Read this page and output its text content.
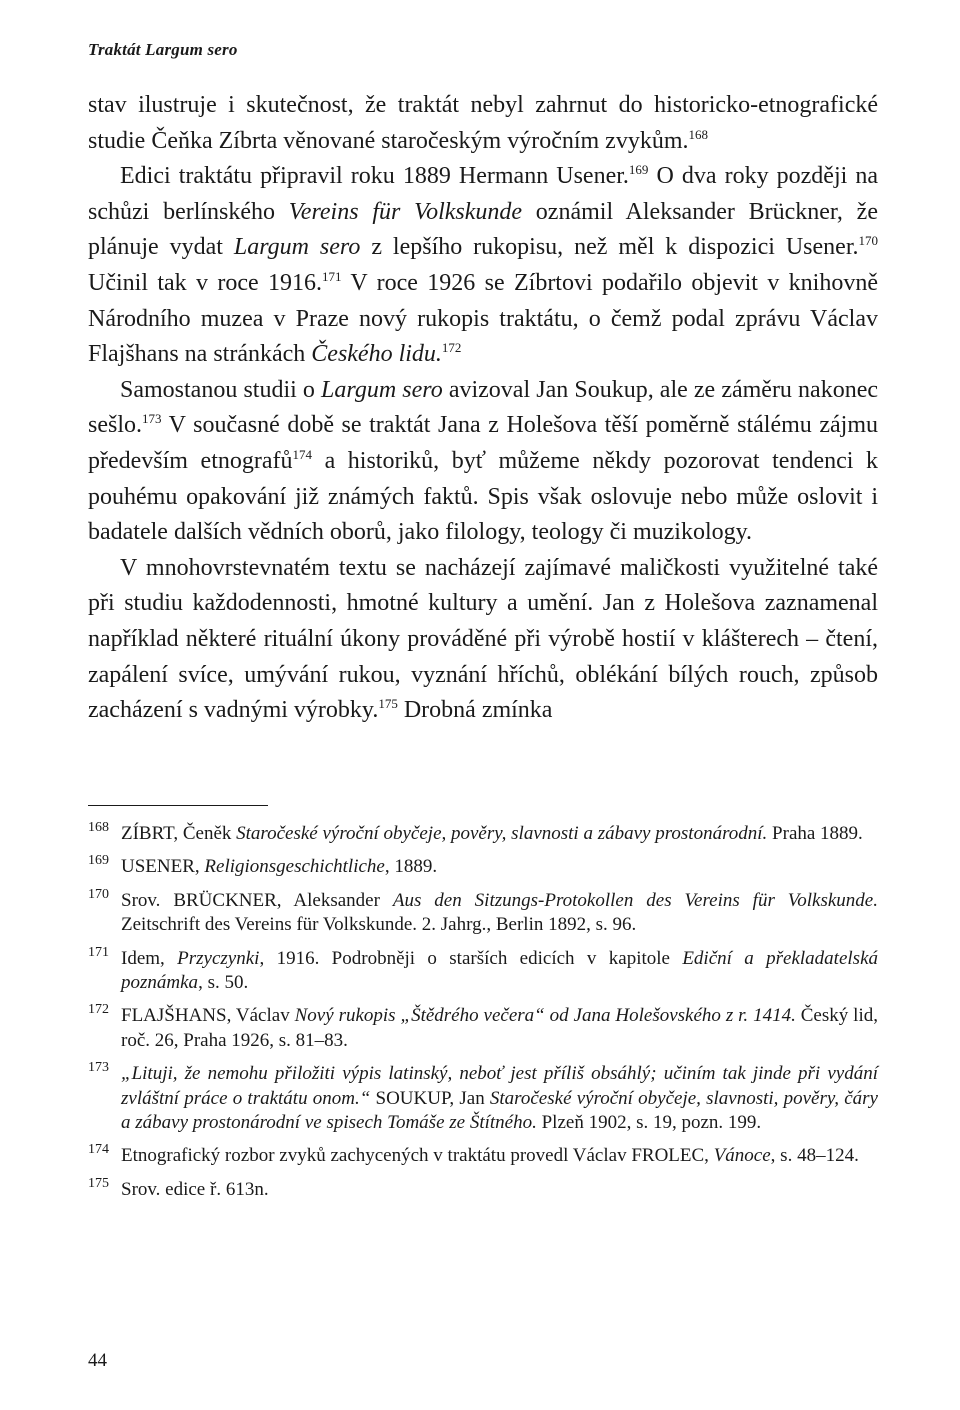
Traktát Largum sero

stav ilustruje i skutečnost, že traktát nebyl zahrnut do historicko-etnografické studie Čeňka Zíbrta věnované staročeským výročním zvykům.$^{168}$

Edici traktátu připravil roku 1889 Hermann Usener.$^{169}$ O dva roky později na schůzi berlínského Vereins für Volkskunde oznámil Aleksander Brückner, že plánuje vydat Largum sero z lepšího rukopisu, než měl k dispozici Usener.$^{170}$ Učinil tak v roce 1916.$^{171}$ V roce 1926 se Zíbrtovi podařilo objevit v knihovně Národního muzea v Praze nový rukopis traktátu, o čemž podal zprávu Václav Flajšhans na stránkách Českého lidu.$^{172}$

Samostanou studii o Largum sero avizoval Jan Soukup, ale ze záměru nakonec sešlo.$^{173}$ V současné době se traktát Jana z Holešova těší poměrně stálému zájmu především etnografů$^{174}$ a historiků, byť můžeme někdy pozorovat tendenci k pouhému opakování již známých faktů. Spis však oslovuje nebo může oslovit i badatele dalších vědních oborů, jako filology, teology či muzikology.

V mnohovrstevnatém textu se nacházejí zajímavé maličkosti využitelné také při studiu každodennosti, hmotné kultury a umění. Jan z Holešova zaznamenal například některé rituální úkony prováděné při výrobě hostií v klášterech – čtení, zapálení svíce, umývání rukou, vyznání hříchů, oblékání bílých rouch, způsob zacházení s vadnými výrobky.$^{175}$ Drobná zmínka

168 ZÍBRT, Čeněk Staročeské výroční obyčeje, pověry, slavnosti a zábavy prostonárodní. Praha 1889.
169 USENER, Religionsgeschichtliche, 1889.
170 Srov. BRÜCKNER, Aleksander Aus den Sitzungs-Protokollen des Vereins für Volkskunde. Zeitschrift des Vereins für Volkskunde. 2. Jahrg., Berlin 1892, s. 96.
171 Idem, Przyczynki, 1916. Podrobněji o starších edicích v kapitole Ediční a překladatelská poznámka, s. 50.
172 FLAJŠHANS, Václav Nový rukopis „Štědrého večera“ od Jana Holešovského z r. 1414. Český lid, roč. 26, Praha 1926, s. 81–83.
173 „Lituji, že nemohu přiložiti výpis latinský, neboť jest příliš obsáhlý; učiním tak jinde při vydání zvláštní práce o traktátu onom.“ SOUKUP, Jan Staročeské výroční obyčeje, slavnosti, pověry, čáry a zábavy prostonárodní ve spisech Tomáše ze Štítného. Plzeň 1902, s. 19, pozn. 199.
174 Etnografický rozbor zvyků zachycených v traktátu provedl Václav FROLEC, Vánoce, s. 48–124.
175 Srov. edice ř. 613n.
44
